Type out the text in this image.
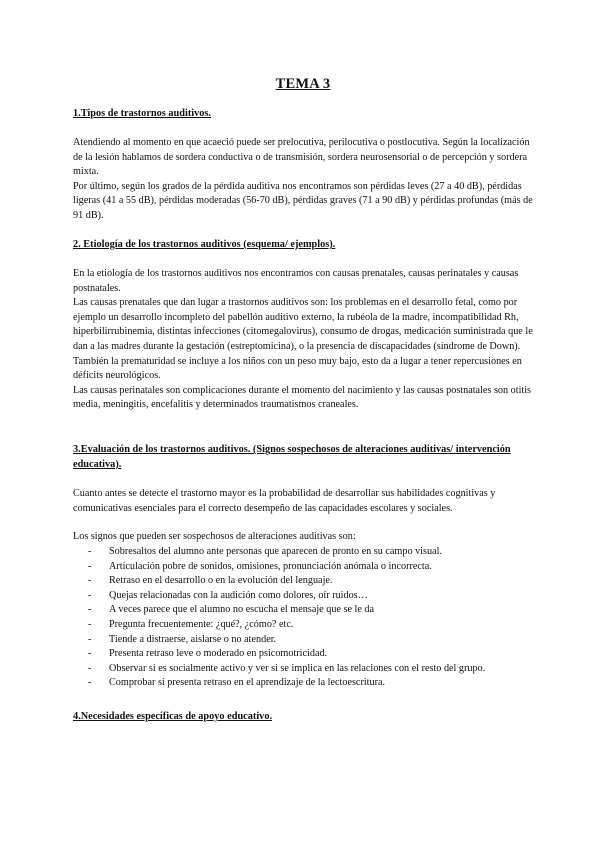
TEMA 3
1.Tipos de trastornos auditivos.

Atendiendo al momento en que acaeció puede ser prelocutiva, perilocutiva o postlocutiva. Según la localización de la lesión hablamos de sordera conductiva o de transmisión, sordera neurosensorial o de percepción y sordera mixta.

Por último, según los grados de la pérdida auditiva nos encontramos son pérdidas leves (27 a 40 dB), pérdidas ligeras (41 a 55 dB), pérdidas moderadas (56-70 dB), pérdidas graves (71 a 90 dB) y pérdidas profundas (más de 91 dB).

2. Etiología de los trastornos auditivos (esquema/ ejemplos).

En la etiología de los trastornos auditivos nos encontramos con causas prenatales, causas perinatales y causas postnatales.

Las causas prenatales que dan lugar a trastornos auditivos son: los problemas en el desarrollo fetal, como por ejemplo un desarrollo incompleto del pabellón auditivo externo, la rubéola de la madre, incompatibilidad Rh, hiperbilirrubinemia, distintas infecciones (citomegalovirus), consumo de drogas, medicación suministrada que le dan a las madres durante la gestación (estreptomicina), o la presencia de discapacidades (síndrome de Down).

También la prematuridad se incluye a los niños con un peso muy bajo, esto da a lugar a tener repercusiones en déficits neurológicos.

Las causas perinatales son complicaciones durante el momento del nacimiento y las causas postnatales son otitis media, meningitis, encefalitis y determinados traumatismos craneales.

3.Evaluación de los trastornos auditivos. (Signos sospechosos de alteraciones auditivas/ intervención educativa).
Cuanto antes se detecte el trastorno mayor es la probabilidad de desarrollar sus habilidades cognitivas y comunicativas esenciales para el correcto desempeño de las capacidades escolares y sociales.
Los signos que pueden ser sospechosos de alteraciones auditivas son:
- Sobresaltos del alumno ante personas que aparecen de pronto en su campo visual.
- Articulación pobre de sonidos, omisiones, pronunciación anómala o incorrecta.
- Retraso en el desarrollo o en la evolución del lenguaje.
- Quejas relacionadas con la audición como dolores, oír ruidos…
- A veces parece que el alumno no escucha el mensaje que se le da
- Pregunta frecuentemente: ¿qué?, ¿cómo? etc.
- Tiende a distraerse, aislarse o no atender.
- Presenta retraso leve o moderado en psicomotricidad.
- Observar si es socialmente activo y ver si se implica en las relaciones con el resto del grupo.
- Comprobar si presenta retraso en el aprendizaje de la lectoescritura.
4.Necesidades específicas de apoyo educativo.
